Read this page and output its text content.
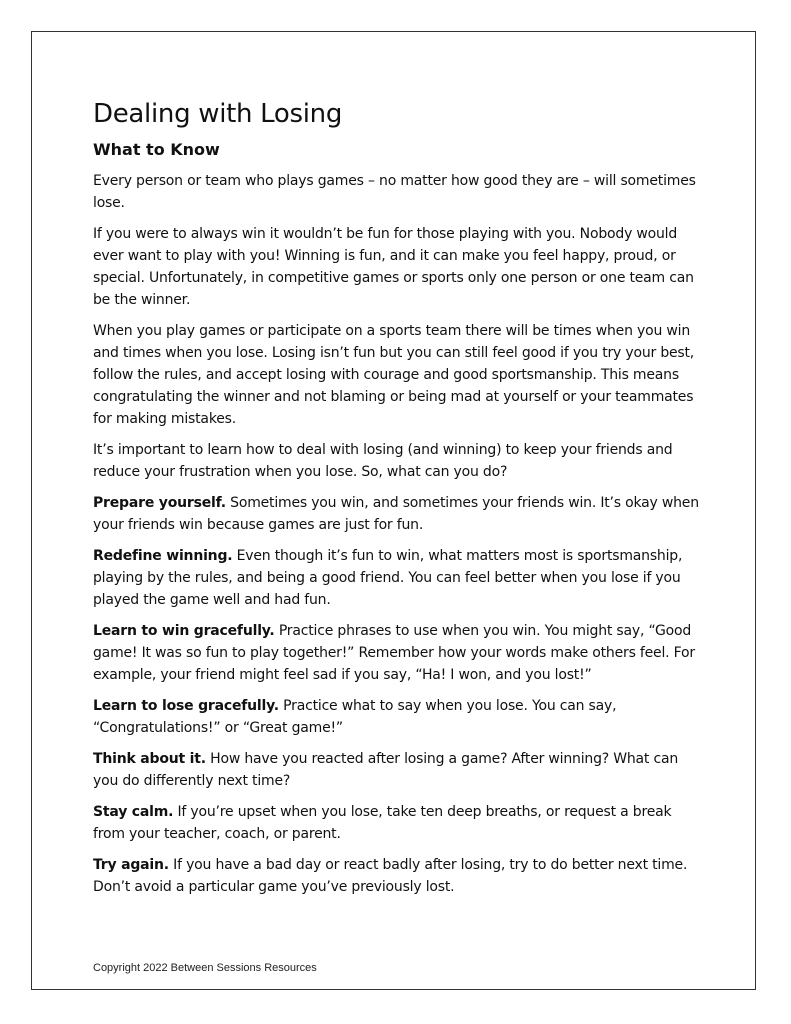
Dealing with Losing
What to Know

Every person or team who plays games – no matter how good they are – will sometimes lose.

If you were to always win it wouldn’t be fun for those playing with you. Nobody would ever want to play with you! Winning is fun, and it can make you feel happy, proud, or special. Unfortunately, in competitive games or sports only one person or one team can be the winner.

When you play games or participate on a sports team there will be times when you win and times when you lose. Losing isn’t fun but you can still feel good if you try your best, follow the rules, and accept losing with courage and good sportsmanship. This means congratulating the winner and not blaming or being mad at yourself or your teammates for making mistakes.

It’s important to learn how to deal with losing (and winning) to keep your friends and reduce your frustration when you lose. So, what can you do?

Prepare yourself. Sometimes you win, and sometimes your friends win. It’s okay when your friends win because games are just for fun.

Redefine winning. Even though it’s fun to win, what matters most is sportsmanship, playing by the rules, and being a good friend. You can feel better when you lose if you played the game well and had fun.

Learn to win gracefully. Practice phrases to use when you win. You might say, “Good game! It was so fun to play together!” Remember how your words make others feel. For example, your friend might feel sad if you say, “Ha! I won, and you lost!”

Learn to lose gracefully. Practice what to say when you lose. You can say, “Congratulations!” or “Great game!”

Think about it. How have you reacted after losing a game? After winning? What can you do differently next time?

Stay calm. If you’re upset when you lose, take ten deep breaths, or request a break from your teacher, coach, or parent.

Try again. If you have a bad day or react badly after losing, try to do better next time. Don’t avoid a particular game you’ve previously lost.

Copyright 2022 Between Sessions Resources
